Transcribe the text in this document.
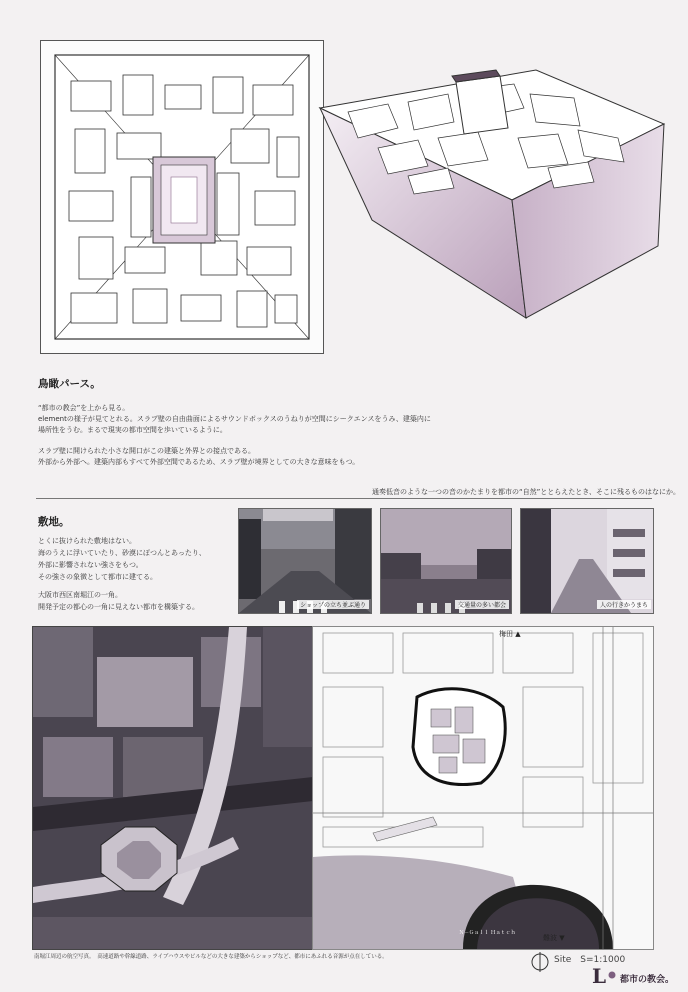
鳥瞰パース。
“都市の教会”を上から見る。
elementの様子が見てとれる。スラブ壁の自由曲面によるサウンドボックスのうねりが空間にシークエンスをうみ、建築内に
場所性をうむ。まるで現実の都市空間を歩いているように。
スラブ壁に開けられた小さな開口がこの建築と外界との接点である。
外部から外部へ。建築内部もすべて外部空間であるため、スラブ壁が境界としての大きな意味をもつ。
通奏低音のような一つの音のかたまりを都市の“自然”ととらえたとき、そこに残るものはなにか。
敷地。
とくに抜けられた敷地はない。
海のうえに浮いていたり、砂漠にぽつんとあったり、
外部に影響されない強さをもつ。
その強さの象徴として都市に建てる。
大阪市西区南堀江の一角。
開発予定の都心の一角に見えない都市を構築する。	ショップの立ち並ぶ通り	交通量の多い都会	人の行きかうまち
梅田 ▲
難波 ▼
Ｎ－Ｇａｌｌ Ｈａｔｃｈ
Site　S=1:1000
南堀江周辺の航空写真。　高速道路や幹線道路、ライブハウスやビルなどの大きな建築からショップなど、都市にあふれる音源が点在している。
L 都市の教会。
